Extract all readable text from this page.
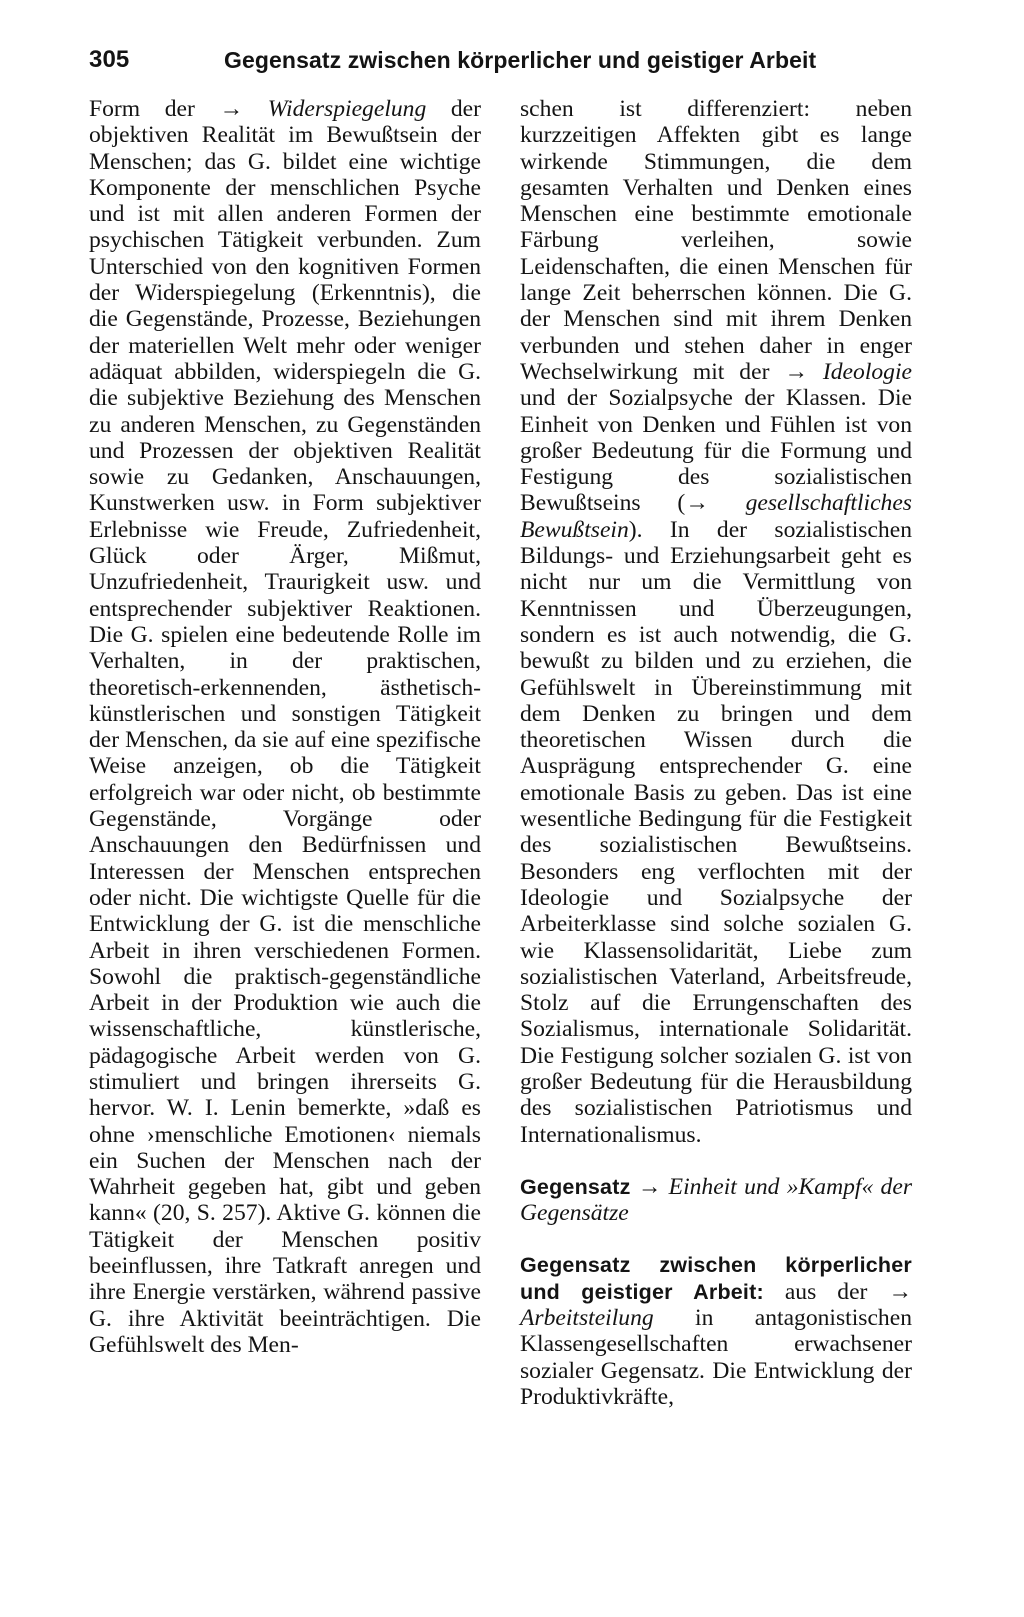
305	Gegensatz zwischen körperlicher und geistiger Arbeit

Form der → Widerspiegelung der objektiven Realität im Bewußtsein der Menschen; das G. bildet eine wichtige Komponente der menschlichen Psyche und ist mit allen anderen Formen der psychischen Tätigkeit verbunden. Zum Unterschied von den kognitiven Formen der Widerspiegelung (Erkenntnis), die die Gegenstände, Prozesse, Beziehungen der materiellen Welt mehr oder weniger adäquat abbilden, widerspiegeln die G. die subjektive Beziehung des Menschen zu anderen Menschen, zu Gegenständen und Prozessen der objektiven Realität sowie zu Gedanken, Anschauungen, Kunstwerken usw. in Form subjektiver Erlebnisse wie Freude, Zufriedenheit, Glück oder Ärger, Mißmut, Unzufriedenheit, Traurigkeit usw. und entsprechender subjektiver Reaktionen. Die G. spielen eine bedeutende Rolle im Verhalten, in der praktischen, theoretisch-erkennenden, ästhetisch-künstlerischen und sonstigen Tätigkeit der Menschen, da sie auf eine spezifische Weise anzeigen, ob die Tätigkeit erfolgreich war oder nicht, ob bestimmte Gegenstände, Vorgänge oder Anschauungen den Bedürfnissen und Interessen der Menschen entsprechen oder nicht. Die wichtigste Quelle für die Entwicklung der G. ist die menschliche Arbeit in ihren verschiedenen Formen. Sowohl die praktisch-gegenständliche Arbeit in der Produktion wie auch die wissenschaftliche, künstlerische, pädagogische Arbeit werden von G. stimuliert und bringen ihrerseits G. hervor. W. I. Lenin bemerkte, »daß es ohne ›menschliche Emotionen‹ niemals ein Suchen der Menschen nach der Wahrheit gegeben hat, gibt und geben kann« (20, S. 257). Aktive G. können die Tätigkeit der Menschen positiv beeinflussen, ihre Tatkraft anregen und ihre Energie verstärken, während passive G. ihre Aktivität beeinträchtigen. Die Gefühlswelt des Men-

schen ist differenziert: neben kurzzeitigen Affekten gibt es lange wirkende Stimmungen, die dem gesamten Verhalten und Denken eines Menschen eine bestimmte emotionale Färbung verleihen, sowie Leidenschaften, die einen Menschen für lange Zeit beherrschen können. Die G. der Menschen sind mit ihrem Denken verbunden und stehen daher in enger Wechselwirkung mit der → Ideologie und der Sozialpsyche der Klassen. Die Einheit von Denken und Fühlen ist von großer Bedeutung für die Formung und Festigung des sozialistischen Bewußtseins (→ gesellschaftliches Bewußtsein). In der sozialistischen Bildungs- und Erziehungsarbeit geht es nicht nur um die Vermittlung von Kenntnissen und Überzeugungen, sondern es ist auch notwendig, die G. bewußt zu bilden und zu erziehen, die Gefühlswelt in Übereinstimmung mit dem Denken zu bringen und dem theoretischen Wissen durch die Ausprägung entsprechender G. eine emotionale Basis zu geben. Das ist eine wesentliche Bedingung für die Festigkeit des sozialistischen Bewußtseins. Besonders eng verflochten mit der Ideologie und Sozialpsyche der Arbeiterklasse sind solche sozialen G. wie Klassensolidarität, Liebe zum sozialistischen Vaterland, Arbeitsfreude, Stolz auf die Errungenschaften des Sozialismus, internationale Solidarität. Die Festigung solcher sozialen G. ist von großer Bedeutung für die Herausbildung des sozialistischen Patriotismus und Internationalismus.

Gegensatz → Einheit und »Kampf« der Gegensätze

Gegensatz zwischen körperlicher und geistiger Arbeit: aus der → Arbeitsteilung in antagonistischen Klassengesellschaften erwachsener sozialer Gegensatz. Die Entwicklung der Produktivkräfte,
